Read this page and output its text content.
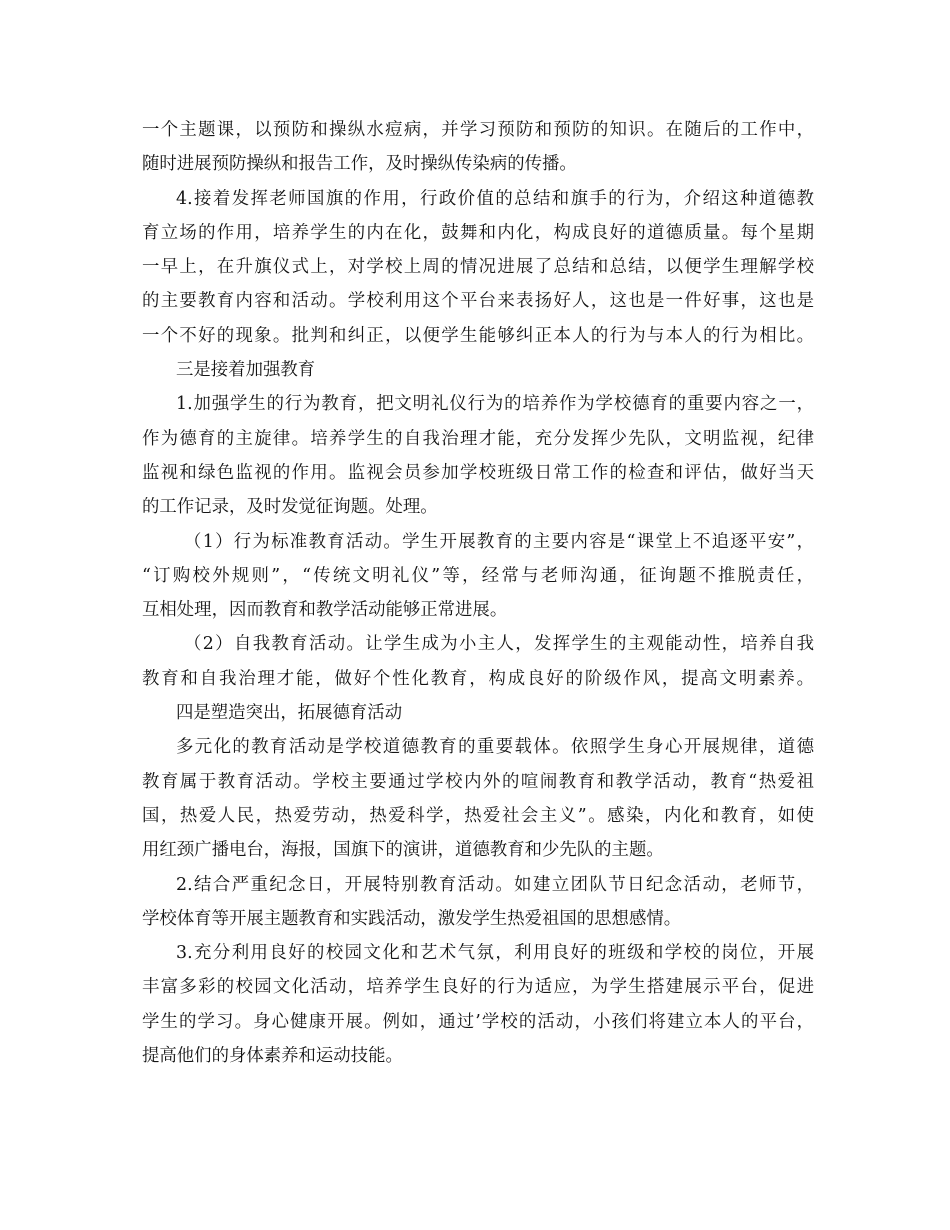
一个主题课，以预防和操纵水痘病，并学习预防和预防的知识。在随后的工作中，
随时进展预防操纵和报告工作，及时操纵传染病的传播。
4.接着发挥老师国旗的作用，行政价值的总结和旗手的行为，介绍这种道德教
育立场的作用，培养学生的内在化，鼓舞和内化，构成良好的道德质量。每个星期
一早上，在升旗仪式上，对学校上周的情况进展了总结和总结，以便学生理解学校
的主要教育内容和活动。学校利用这个平台来表扬好人，这也是一件好事，这也是
一个不好的现象。批判和纠正，以便学生能够纠正本人的行为与本人的行为相比。
三是接着加强教育
1.加强学生的行为教育，把文明礼仪行为的培养作为学校德育的重要内容之一，
作为德育的主旋律。培养学生的自我治理才能，充分发挥少先队，文明监视，纪律
监视和绿色监视的作用。监视会员参加学校班级日常工作的检查和评估，做好当天
的工作记录，及时发觉征询题。处理。
（1）行为标准教育活动。学生开展教育的主要内容是“课堂上不追逐平安”，
“订购校外规则”，“传统文明礼仪”等，经常与老师沟通，征询题不推脱责任，
互相处理，因而教育和教学活动能够正常进展。
（2）自我教育活动。让学生成为小主人，发挥学生的主观能动性，培养自我
教育和自我治理才能，做好个性化教育，构成良好的阶级作风，提高文明素养。
四是塑造突出，拓展德育活动
多元化的教育活动是学校道德教育的重要载体。依照学生身心开展规律，道德
教育属于教育活动。学校主要通过学校内外的喧闹教育和教学活动，教育“热爱祖
国，热爱人民，热爱劳动，热爱科学，热爱社会主义”。感染，内化和教育，如使
用红颈广播电台，海报，国旗下的演讲，道德教育和少先队的主题。
2.结合严重纪念日，开展特别教育活动。如建立团队节日纪念活动，老师节，
学校体育等开展主题教育和实践活动，激发学生热爱祖国的思想感情。
3.充分利用良好的校园文化和艺术气氛，利用良好的班级和学校的岗位，开展
丰富多彩的校园文化活动，培养学生良好的行为适应，为学生搭建展示平台，促进
学生的学习。身心健康开展。例如，通过’学校的活动，小孩们将建立本人的平台，
提高他们的身体素养和运动技能。
